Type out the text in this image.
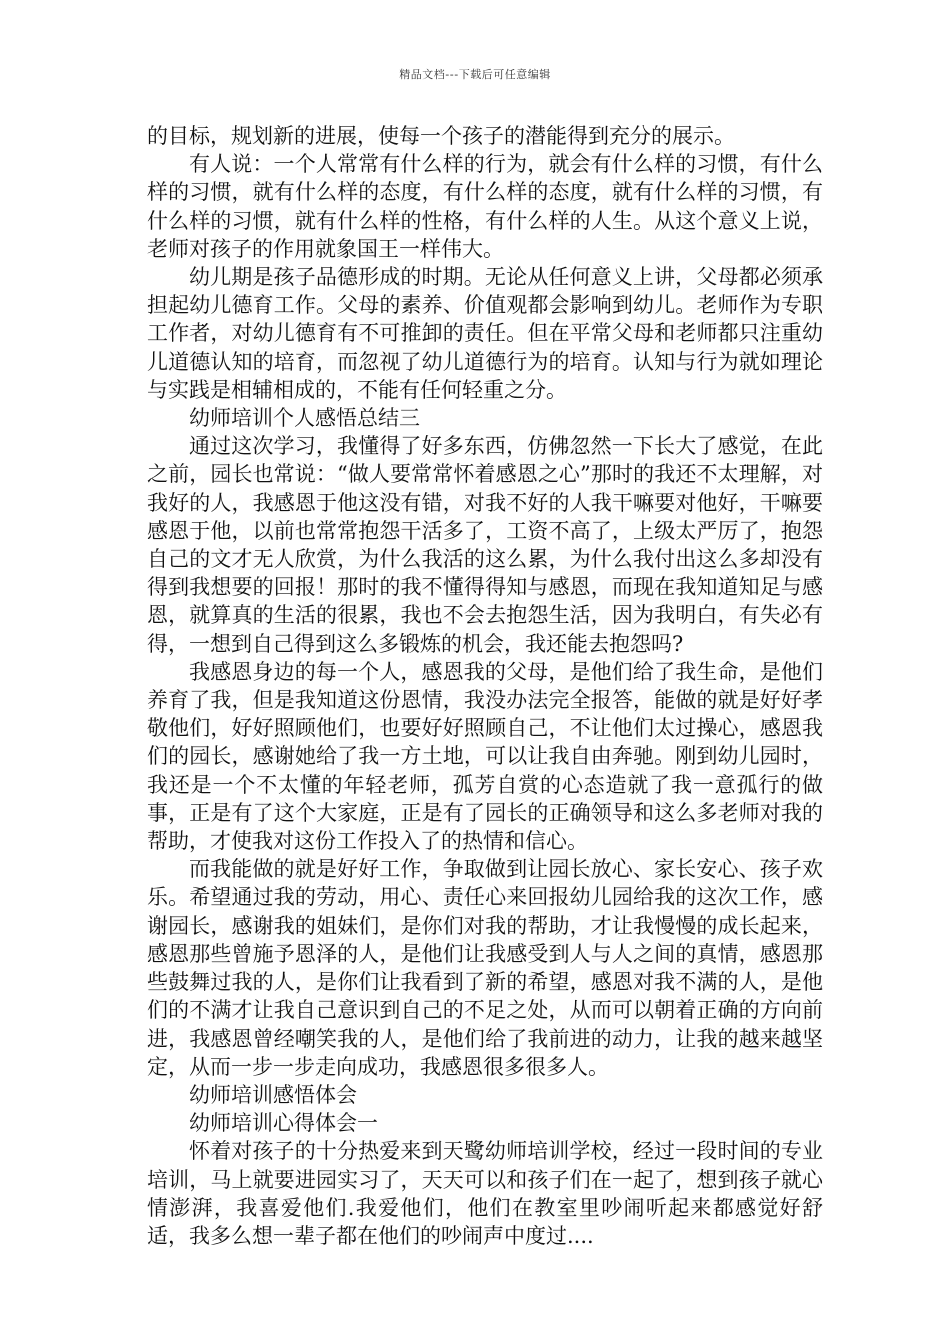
精品文档---下载后可任意编辑

的目标，规划新的进展，使每一个孩子的潜能得到充分的展示。

有人说：一个人常常有什么样的行为，就会有什么样的习惯，有什么样的习惯，就有什么样的态度，有什么样的态度，就有什么样的习惯，有什么样的习惯，就有什么样的性格，有什么样的人生。从这个意义上说，老师对孩子的作用就象国王一样伟大。

幼儿期是孩子品德形成的时期。无论从任何意义上讲，父母都必须承担起幼儿德育工作。父母的素养、价值观都会影响到幼儿。老师作为专职工作者，对幼儿德育有不可推卸的责任。但在平常父母和老师都只注重幼儿道德认知的培育，而忽视了幼儿道德行为的培育。认知与行为就如理论与实践是相辅相成的，不能有任何轻重之分。

幼师培训个人感悟总结三

通过这次学习，我懂得了好多东西，仿佛忽然一下长大了感觉，在此之前，园长也常说：“做人要常常怀着感恩之心”那时的我还不太理解，对我好的人，我感恩于他这没有错，对我不好的人我干嘛要对他好，干嘛要感恩于他，以前也常常抱怨干活多了，工资不高了，上级太严厉了，抱怨自己的文才无人欣赏，为什么我活的这么累，为什么我付出这么多却没有得到我想要的回报！那时的我不懂得得知与感恩，而现在我知道知足与感恩，就算真的生活的很累，我也不会去抱怨生活，因为我明白，有失必有得，一想到自己得到这么多锻炼的机会，我还能去抱怨吗?

我感恩身边的每一个人，感恩我的父母，是他们给了我生命，是他们养育了我，但是我知道这份恩情，我没办法完全报答，能做的就是好好孝敬他们，好好照顾他们，也要好好照顾自己，不让他们太过操心，感恩我们的园长，感谢她给了我一方土地，可以让我自由奔驰。刚到幼儿园时，我还是一个不太懂的年轻老师，孤芳自赏的心态造就了我一意孤行的做事，正是有了这个大家庭，正是有了园长的正确领导和这么多老师对我的帮助，才使我对这份工作投入了的热情和信心。

而我能做的就是好好工作，争取做到让园长放心、家长安心、孩子欢乐。希望通过我的劳动，用心、责任心来回报幼儿园给我的这次工作，感谢园长，感谢我的姐妹们，是你们对我的帮助，才让我慢慢的成长起来，感恩那些曾施予恩泽的人，是他们让我感受到人与人之间的真情，感恩那些鼓舞过我的人，是你们让我看到了新的希望，感恩对我不满的人，是他们的不满才让我自己意识到自己的不足之处，从而可以朝着正确的方向前进，我感恩曾经嘲笑我的人，是他们给了我前进的动力，让我的越来越坚定，从而一步一步走向成功，我感恩很多很多人。

幼师培训感悟体会

幼师培训心得体会一

怀着对孩子的十分热爱来到天鹭幼师培训学校，经过一段时间的专业培训，马上就要进园实习了，天天可以和孩子们在一起了，想到孩子就心情澎湃，我喜爱他们.我爱他们，他们在教室里吵闹听起来都感觉好舒适，我多么想一辈子都在他们的吵闹声中度过....
